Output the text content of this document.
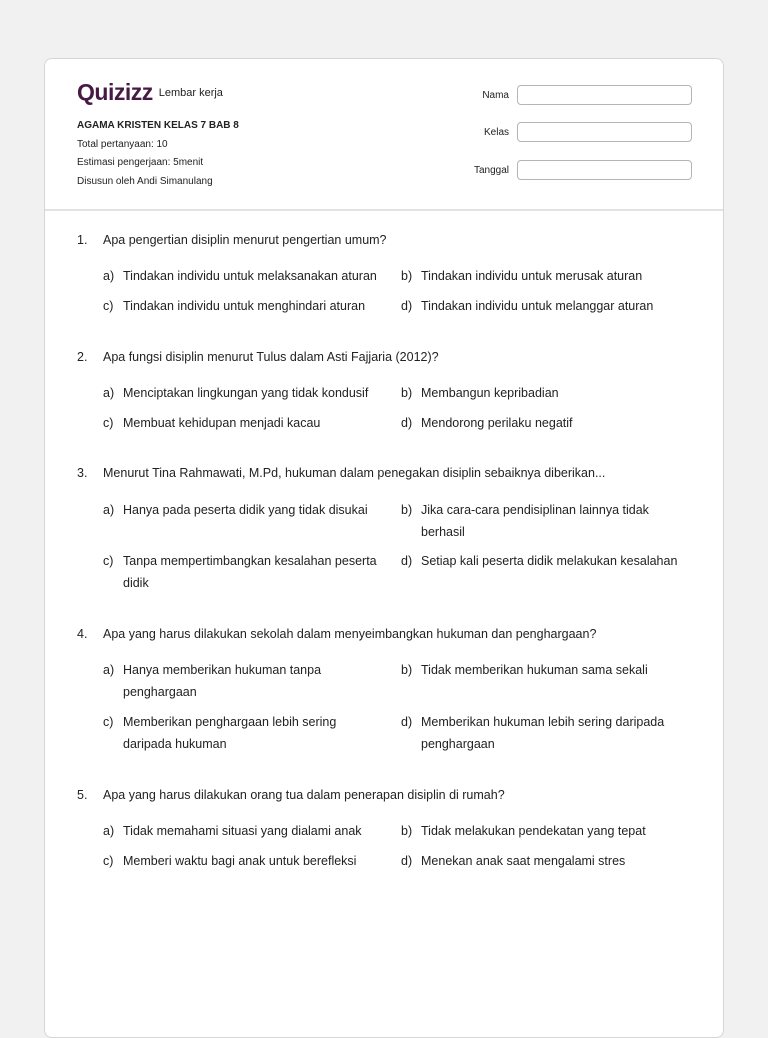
Quizizz Lembar kerja
AGAMA KRISTEN KELAS 7 BAB 8
Total pertanyaan: 10
Estimasi pengerjaan: 5menit
Disusun oleh Andi Simanulang
Nama
Kelas
Tanggal
1. Apa pengertian disiplin menurut pengertian umum?
a) Tindakan individu untuk melaksanakan aturan b) Tindakan individu untuk merusak aturan
c) Tindakan individu untuk menghindari aturan	d) Tindakan individu untuk melanggar aturan
2. Apa fungsi disiplin menurut Tulus dalam Asti Fajjaria (2012)?
a) Menciptakan lingkungan yang tidak kondusif	b) Membangun kepribadian
c) Membuat kehidupan menjadi kacau	d) Mendorong perilaku negatif
3. Menurut Tina Rahmawati, M.Pd, hukuman dalam penegakan disiplin sebaiknya diberikan...
a) Hanya pada peserta didik yang tidak disukai	b) Jika cara-cara pendisiplinan lainnya tidak berhasil
c) Tanpa mempertimbangkan kesalahan peserta didik
d) Setiap kali peserta didik melakukan kesalahan
4. Apa yang harus dilakukan sekolah dalam menyeimbangkan hukuman dan penghargaan?
a) Hanya memberikan hukuman tanpa penghargaan
b) Tidak memberikan hukuman sama sekali
c) Memberikan penghargaan lebih sering daripada hukuman
d) Memberikan hukuman lebih sering daripada penghargaan
5. Apa yang harus dilakukan orang tua dalam penerapan disiplin di rumah?
a) Tidak memahami situasi yang dialami anak	b) Tidak melakukan pendekatan yang tepat
c) Memberi waktu bagi anak untuk berefleksi	d) Menekan anak saat mengalami stres
